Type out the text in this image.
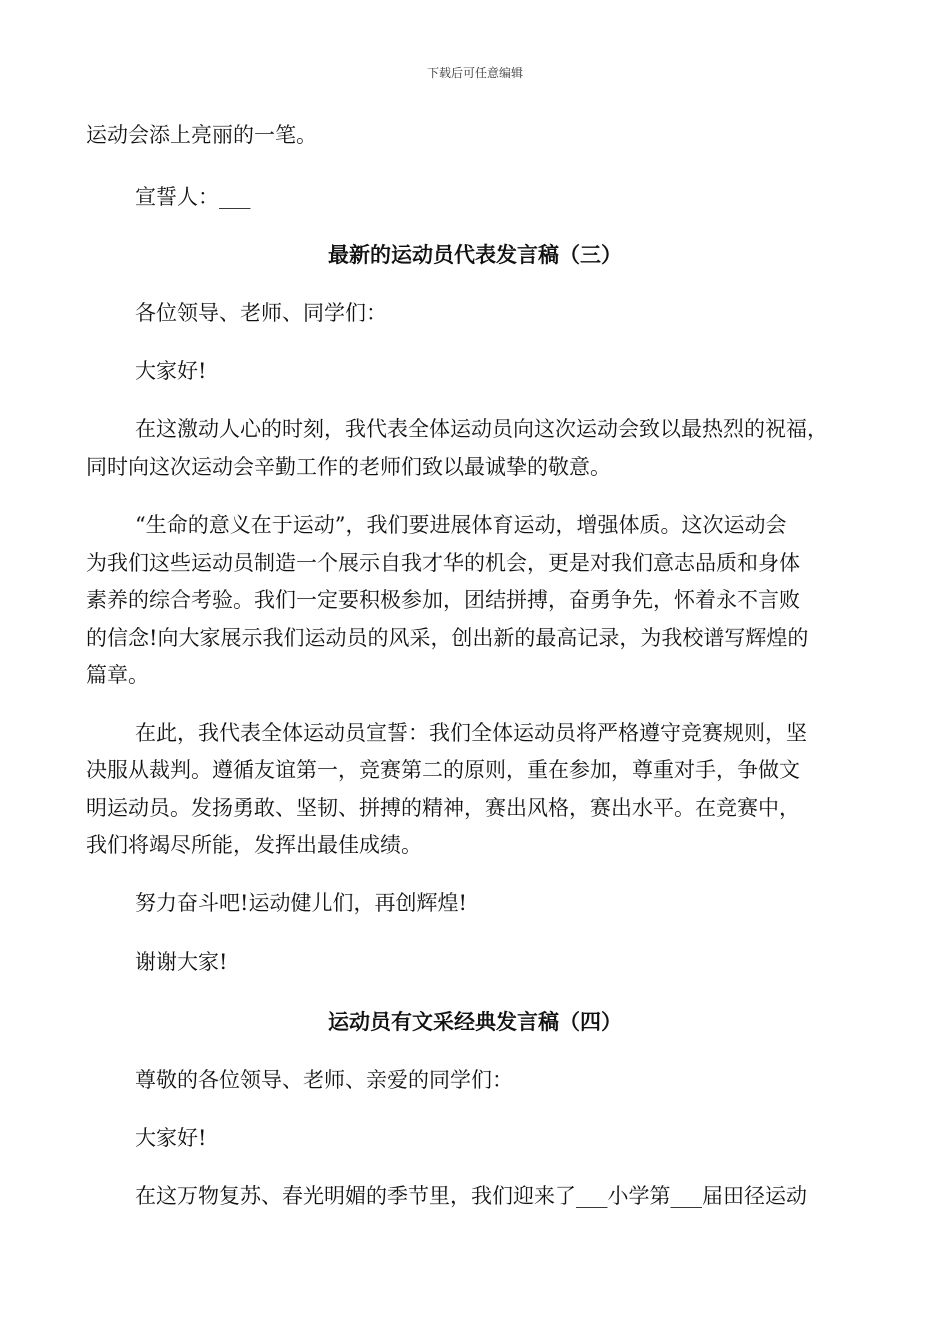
下载后可任意编辑
运动会添上亮丽的一笔。
宣誓人：___
最新的运动员代表发言稿（三）
各位领导、老师、同学们：
大家好!
在这激动人心的时刻，我代表全体运动员向这次运动会致以最热烈的祝福，
同时向这次运动会辛勤工作的老师们致以最诚挚的敬意。
“生命的意义在于运动”，我们要进展体育运动，增强体质。这次运动会
为我们这些运动员制造一个展示自我才华的机会，更是对我们意志品质和身体
素养的综合考验。我们一定要积极参加，团结拼搏，奋勇争先，怀着永不言败
的信念!向大家展示我们运动员的风采，创出新的最高记录，为我校谱写辉煌的
篇章。
在此，我代表全体运动员宣誓：我们全体运动员将严格遵守竞赛规则，坚
决服从裁判。遵循友谊第一，竞赛第二的原则，重在参加，尊重对手，争做文
明运动员。发扬勇敢、坚韧、拼搏的精神，赛出风格，赛出水平。在竞赛中，
我们将竭尽所能，发挥出最佳成绩。
努力奋斗吧!运动健儿们，再创辉煌!
谢谢大家!
运动员有文采经典发言稿（四）
尊敬的各位领导、老师、亲爱的同学们：
大家好!
在这万物复苏、春光明媚的季节里，我们迎来了___小学第___届田径运动
